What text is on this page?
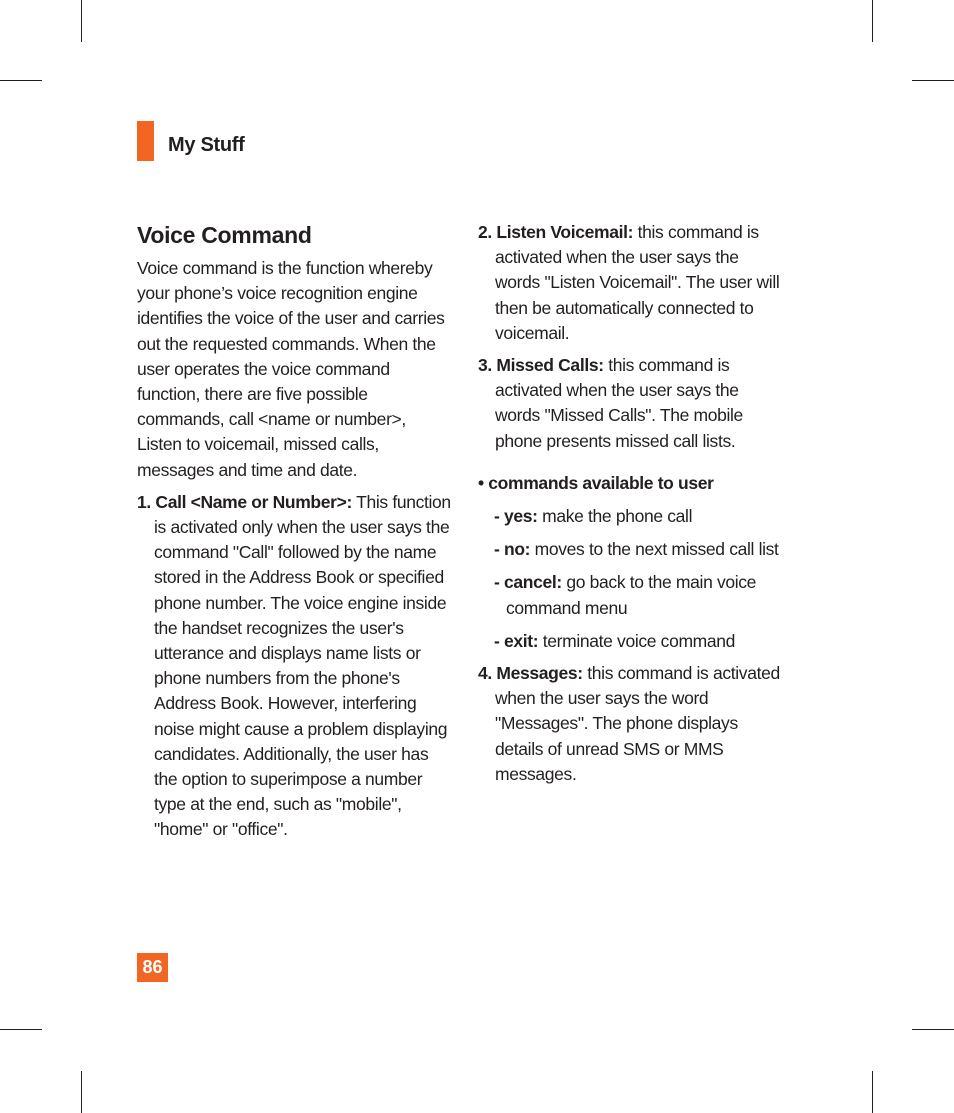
My Stuff
Voice Command

Voice command is the function whereby your phone’s voice recognition engine identifies the voice of the user and carries out the requested commands. When the user operates the voice command function, there are five possible commands, call <name or number>, Listen to voicemail, missed calls, messages and time and date.

1. Call <Name or Number>: This function is activated only when the user says the command "Call" followed by the name stored in the Address Book or specified phone number. The voice engine inside the handset recognizes the user's utterance and displays name lists or phone numbers from the phone's Address Book. However, interfering noise might cause a problem displaying candidates. Additionally, the user has the option to superimpose a number type at the end, such as "mobile", "home" or "office".

2. Listen Voicemail: this command is activated when the user says the words "Listen Voicemail". The user will then be automatically connected to voicemail.

3. Missed Calls: this command is activated when the user says the words "Missed Calls". The mobile phone presents missed call lists.

• commands available to user

- yes: make the phone call

- no: moves to the next missed call list

- cancel: go back to the main voice command menu

- exit: terminate voice command

4. Messages: this command is activated when the user says the word "Messages". The phone displays details of unread SMS or MMS messages.

86
